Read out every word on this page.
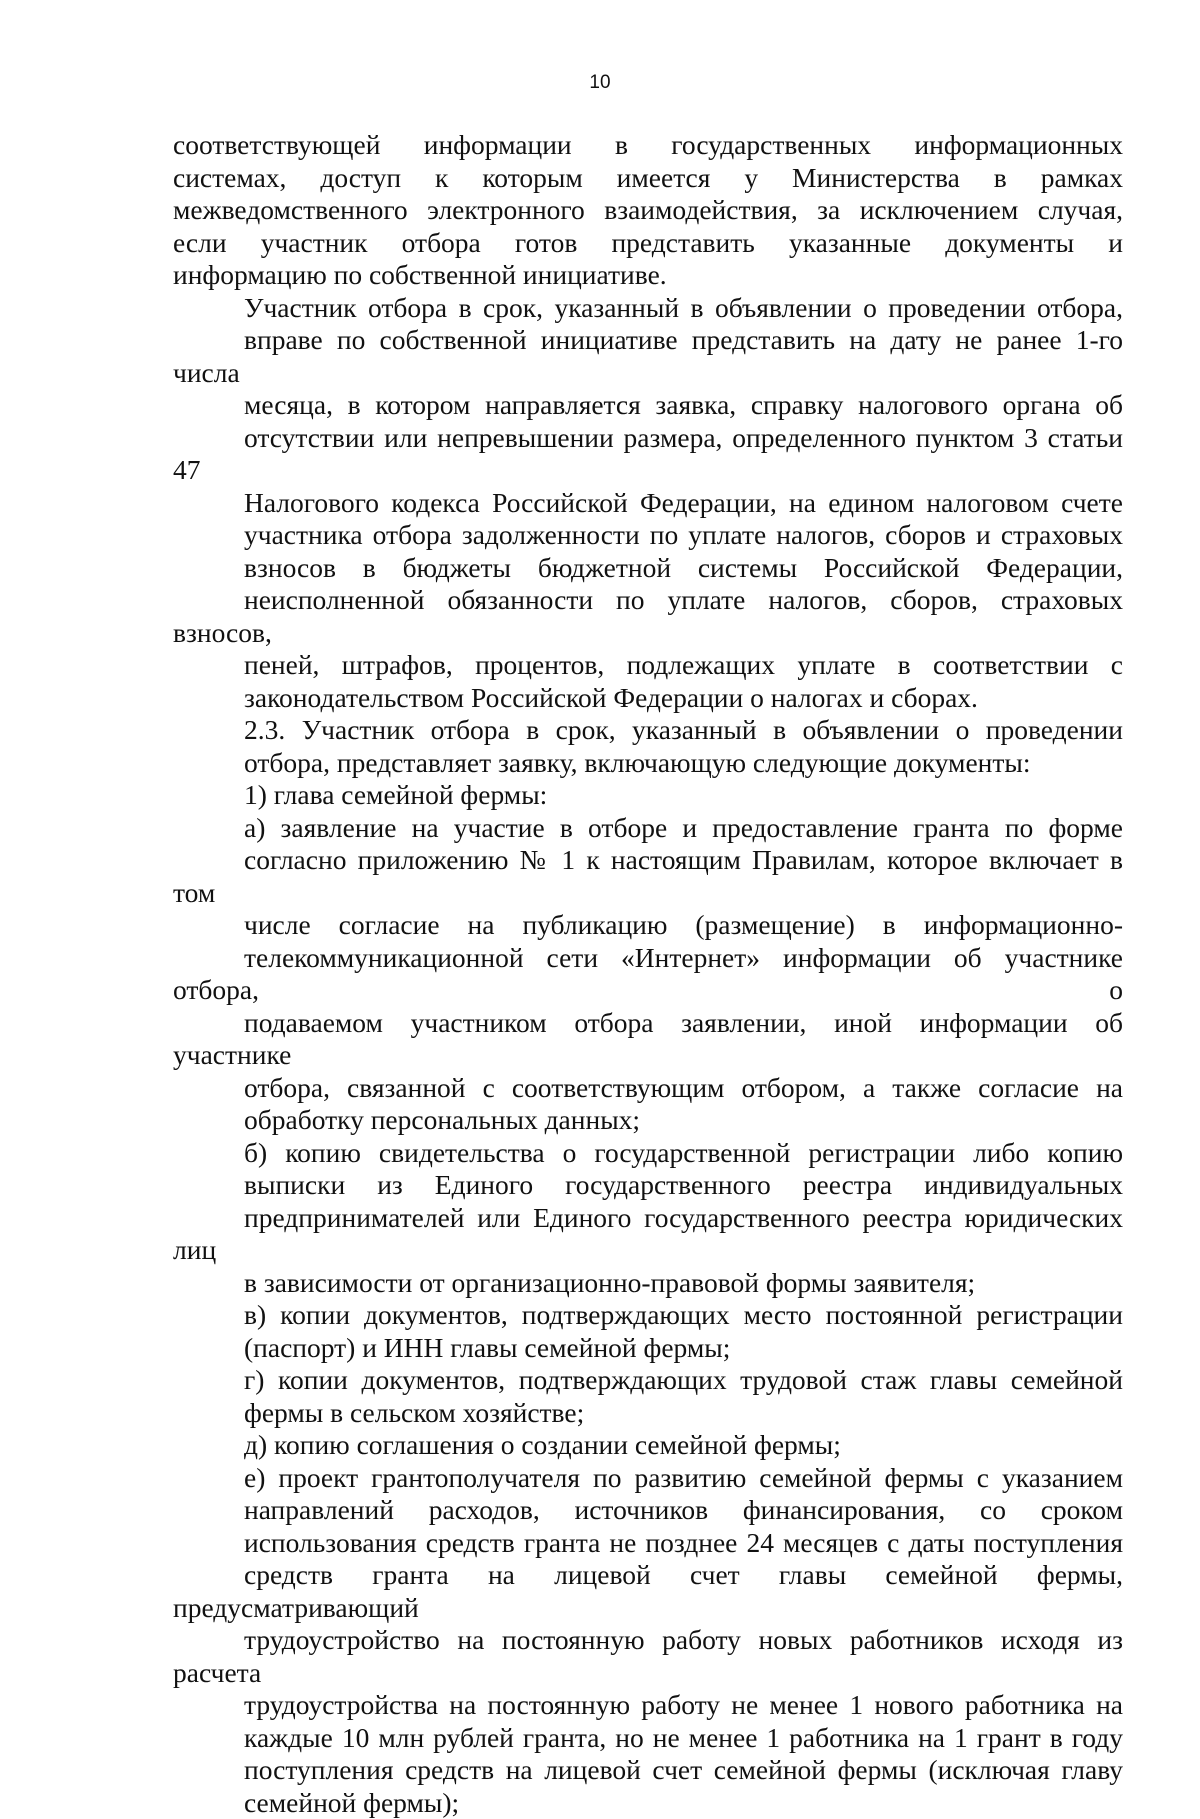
10

соответствующей информации в государственных информационных
системах, доступ к которым имеется у Министерства в рамках
межведомственного электронного взаимодействия, за исключением случая,
если участник отбора готов представить указанные документы и
информацию по собственной инициативе.

Участник отбора в срок, указанный в объявлении о проведении отбора,
вправе по собственной инициативе представить на дату не ранее 1-го числа
месяца, в котором направляется заявка, справку налогового органа об
отсутствии или непревышении размера, определенного пунктом 3 статьи 47
Налогового кодекса Российской Федерации, на едином налоговом счете
участника отбора задолженности по уплате налогов, сборов и страховых
взносов в бюджеты бюджетной системы Российской Федерации,
неисполненной обязанности по уплате налогов, сборов, страховых взносов,
пеней, штрафов, процентов, подлежащих уплате в соответствии с
законодательством Российской Федерации о налогах и сборах.

2.3. Участник отбора в срок, указанный в объявлении о проведении
отбора, представляет заявку, включающую следующие документы:

1) глава семейной фермы:

а) заявление на участие в отборе и предоставление гранта по форме
согласно приложению № 1 к настоящим Правилам, которое включает в том
числе согласие на публикацию (размещение) в информационно-
телекоммуникационной сети «Интернет» информации об участнике отбора, о
подаваемом участником отбора заявлении, иной информации об участнике
отбора, связанной с соответствующим отбором, а также согласие на
обработку персональных данных;

б) копию свидетельства о государственной регистрации либо копию
выписки из Единого государственного реестра индивидуальных
предпринимателей или Единого государственного реестра юридических лиц
в зависимости от организационно-правовой формы заявителя;

в) копии документов, подтверждающих место постоянной регистрации
(паспорт) и ИНН главы семейной фермы;

г) копии документов, подтверждающих трудовой стаж главы семейной
фермы в сельском хозяйстве;

д) копию соглашения о создании семейной фермы;

е) проект грантополучателя по развитию семейной фермы с указанием
направлений расходов, источников финансирования, со сроком
использования средств гранта не позднее 24 месяцев с даты поступления
средств гранта на лицевой счет главы семейной фермы, предусматривающий
трудоустройство на постоянную работу новых работников исходя из расчета
трудоустройства на постоянную работу не менее 1 нового работника на
каждые 10 млн рублей гранта, но не менее 1 работника на 1 грант в году
поступления средств на лицевой счет семейной фермы (исключая главу
семейной фермы);
